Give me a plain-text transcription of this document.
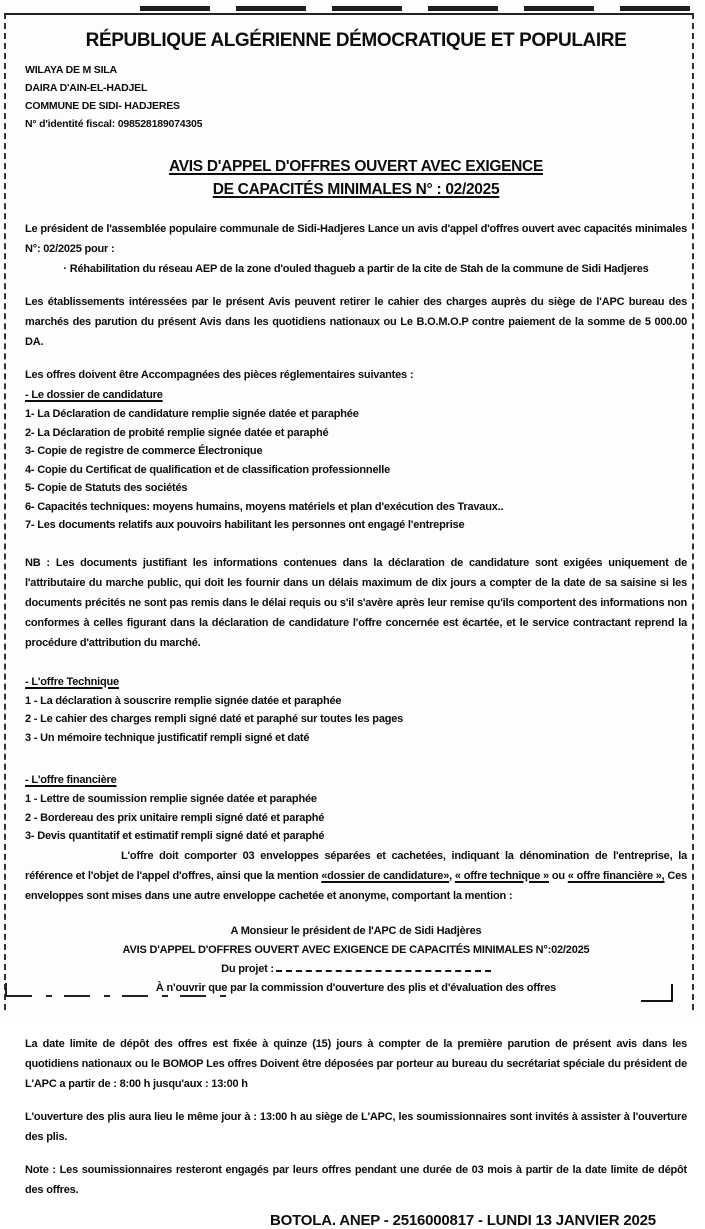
RÉPUBLIQUE ALGÉRIENNE DÉMOCRATIQUE ET POPULAIRE
WILAYA DE M SILA
DAIRA D'AIN-EL-HADJEL
COMMUNE DE SIDI- HADJERES
N° d'identité fiscal: 098528189074305
AVIS D'APPEL D'OFFRES OUVERT AVEC EXIGENCE
DE CAPACITÉS MINIMALES N° : 02/2025

Le président de l'assemblée populaire communale de Sidi-Hadjeres Lance un avis d'appel d'offres ouvert avec capacités minimales N°: 02/2025 pour :

· Réhabilitation du réseau AEP de la zone d'ouled thagueb a partir de la cite de Stah de la commune de Sidi Hadjeres

Les établissements intéressées par le présent Avis peuvent retirer le cahier des charges auprès du siège de l'APC bureau des marchés des parution du présent Avis dans les quotidiens nationaux ou Le B.O.M.O.P contre paiement de la somme de 5 000.00 DA.

Les offres doivent être Accompagnées des pièces réglementaires suivantes :

- Le dossier de candidature
1- La Déclaration de candidature remplie signée datée et paraphée
2- La Déclaration de probité remplie signée datée et paraphé
3- Copie de registre de commerce Électronique
4- Copie du Certificat de qualification et de classification professionnelle
5- Copie de Statuts des sociétés
6- Capacités techniques: moyens humains, moyens matériels et plan d'exécution des Travaux..
7- Les documents relatifs aux pouvoirs habilitant les personnes ont engagé l'entreprise

NB : Les documents justifiant les informations contenues dans la déclaration de candidature sont exigées uniquement de l'attributaire du marche public, qui doit les fournir dans un délais maximum de dix jours a compter de la date de sa saisine si les documents précités ne sont pas remis dans le délai requis ou s'il s'avère après leur remise qu'ils comportent des informations non conformes à celles figurant dans la déclaration de candidature l'offre concernée est écartée, et le service contractant reprend la procédure d'attribution du marché.

- L'offre Technique
1 - La déclaration à souscrire remplie signée datée et paraphée
2 - Le cahier des charges rempli signé daté et paraphé sur toutes les pages
3 - Un mémoire technique justificatif rempli signé et daté
- L'offre financière
1 - Lettre de soumission remplie signée datée et paraphée
2 - Bordereau des prix unitaire rempli signé daté et paraphé
3- Devis quantitatif et estimatif rempli signé daté et paraphé

L'offre doit comporter 03 enveloppes séparées et cachetées, indiquant la dénomination de l'entreprise, la référence et l'objet de l'appel d'offres, ainsi que la mention «dossier de candidature», « offre technique » ou « offre financière », Ces enveloppes sont mises dans une autre enveloppe cachetée et anonyme, comportant la mention :

A Monsieur le président de l'APC de Sidi Hadjères
AVIS D'APPEL D'OFFRES OUVERT AVEC EXIGENCE DE CAPACITÉS MINIMALES N°:02/2025
Du projet :
À n'ouvrir que par la commission d'ouverture des plis et d'évaluation des offres

La date limite de dépôt des offres est fixée à quinze (15) jours à compter de la première parution de présent avis dans les quotidiens nationaux ou le BOMOP Les offres Doivent être déposées par porteur au bureau du secrétariat spéciale du président de L'APC a partir de : 8:00 h jusqu'aux : 13:00 h

L'ouverture des plis aura lieu le même jour à : 13:00 h au siège de L'APC, les soumissionnaires sont invités à assister à l'ouverture des plis.

Note : Les soumissionnaires resteront engagés par leurs offres pendant une durée de 03 mois à partir de la date limite de dépôt des offres.

BOTOLA. ANEP - 2516000817 - LUNDI 13 JANVIER 2025
